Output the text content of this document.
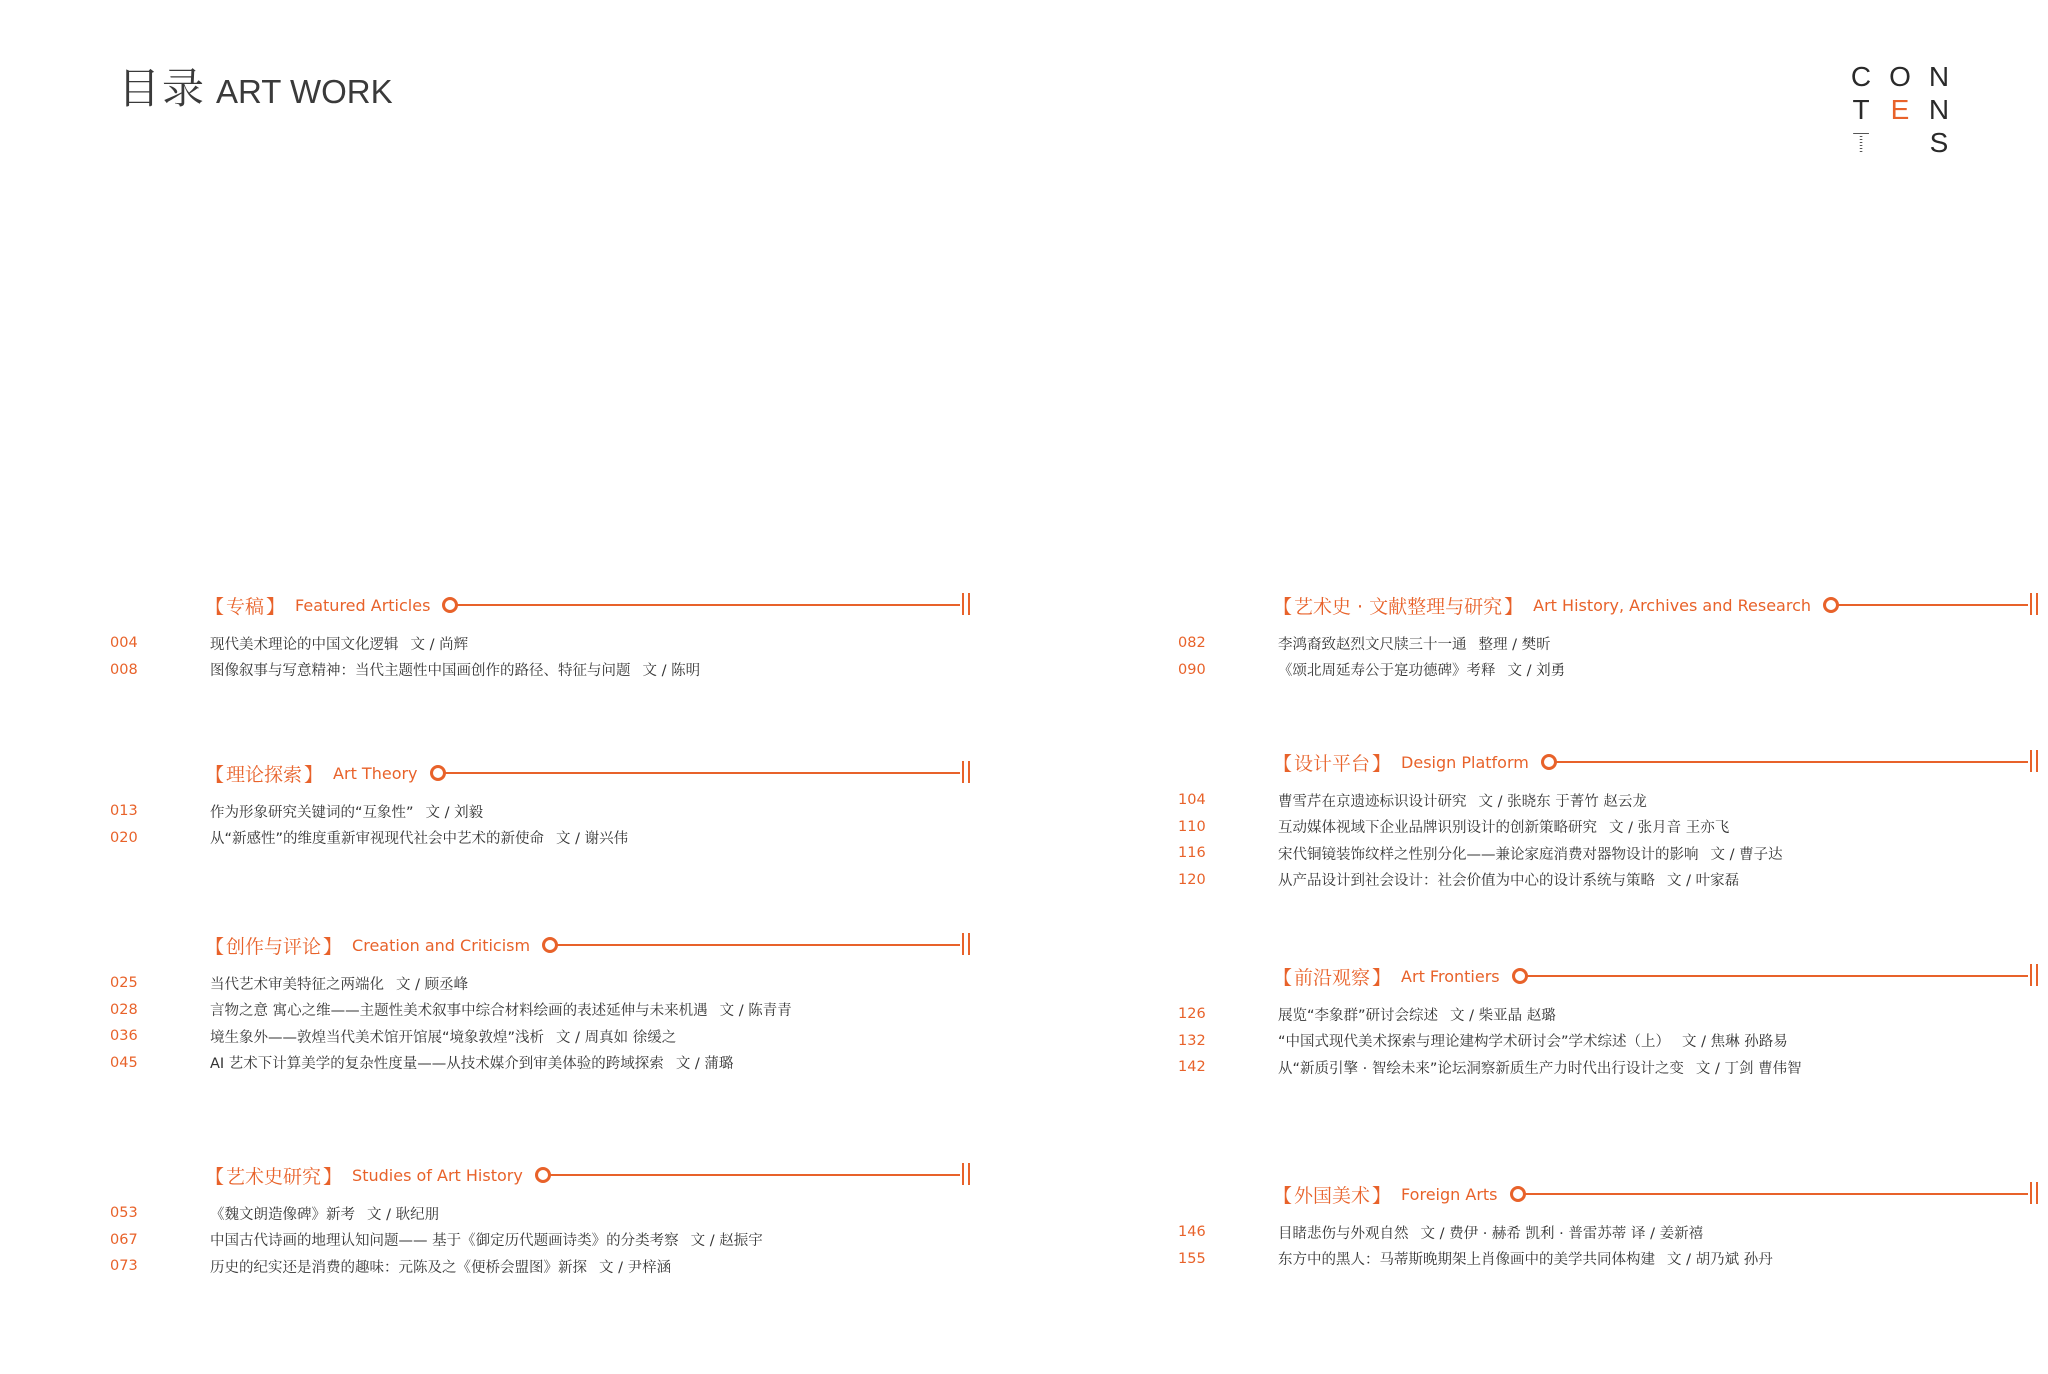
目录 ART WORK	C O N
T E N
T	S
【 专稿 】 Featured Articles
004	现代美术理论的中国文化逻辑 文 / 尚辉
008	图像叙事与写意精神：当代主题性中国画创作的路径、特征与问题 文 / 陈明
【 理论探索 】 Art Theory
013	作为形象研究关键词的“互象性” 文 / 刘毅
020	从“新感性”的维度重新审视现代社会中艺术的新使命 文 / 谢兴伟
【 创作与评论 】 Creation and Criticism
025	当代艺术审美特征之两端化 文 / 顾丞峰
028	言物之意 寓心之维——主题性美术叙事中综合材料绘画的表述延伸与未来机遇 文 / 陈青青
036	境生象外——敦煌当代美术馆开馆展“境象敦煌”浅析 文 / 周真如 徐缓之
045	AI 艺术下计算美学的复杂性度量——从技术媒介到审美体验的跨域探索 文 / 蒲璐
【 艺术史研究 】 Studies of Art History
053	《魏文朗造像碑》新考 文 / 耿纪朋
067	中国古代诗画的地理认知问题—— 基于《御定历代题画诗类》的分类考察 文 / 赵振宇
073	历史的纪实还是消费的趣味：元陈及之《便桥会盟图》新探 文 / 尹梓涵
【 艺术史 · 文献整理与研究 】 Art History, Archives and Research
082	李鸿裔致赵烈文尺牍三十一通 整理 / 樊昕
090	《颂北周延寿公于寔功德碑》考释 文 / 刘勇
【 设计平台 】 Design Platform
104	曹雪芹在京遗迹标识设计研究 文 / 张晓东 于菁竹 赵云龙
110	互动媒体视域下企业品牌识别设计的创新策略研究 文 / 张月音 王亦飞
116	宋代铜镜装饰纹样之性别分化——兼论家庭消费对器物设计的影响 文 / 曹子达
120	从产品设计到社会设计：社会价值为中心的设计系统与策略 文 / 叶家磊
【 前沿观察 】 Art Frontiers
126	展览“李象群”研讨会综述 文 / 柴亚晶 赵璐
132	“中国式现代美术探索与理论建构学术研讨会”学术综述（上） 文 / 焦琳 孙路易
142	从“新质引擎 · 智绘未来”论坛洞察新质生产力时代出行设计之变 文 / 丁剑 曹伟智
【 外国美术 】 Foreign Arts
146	目睹悲伤与外观自然 文 / 费伊 · 赫希 凯利 · 普雷苏蒂 译 / 姜新禧
155	东方中的黑人：马蒂斯晚期架上肖像画中的美学共同体构建 文 / 胡乃斌 孙丹
